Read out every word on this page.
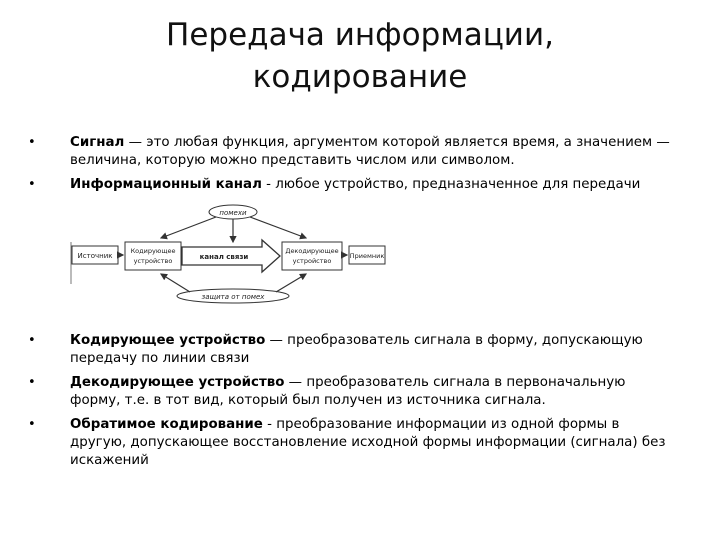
Передача информации,
кодирование
• Сигнал — это любая функция, аргументом которой является время, а значением — величина, которую можно представить числом или символом.
• Информационный канал - любое устройство, предназначенное для передачи
помехи
Источник
Кодирующее
устройство	канал связи
Декодирующее
устройство
Приемник
защита от помех
• Кодирующее устройство — преобразователь сигнала в форму, допускающую передачу по линии связи
• Декодирующее устройство — преобразователь сигнала в первоначальную форму, т.е. в тот вид, который был получен из источника сигнала.
• Обратимое кодирование - преобразование информации из одной формы в другую, допускающее восстановление исходной формы информации (сигнала) без искажений
